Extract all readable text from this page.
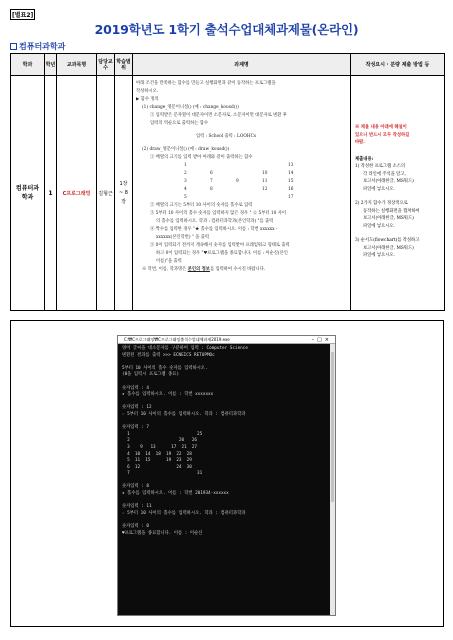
[별표2]
2019학년도 1학기 출석수업대체과제물(온라인)
컴퓨터과학과
학과	학년	교과목명	담당교수	학습범위	과제명	작성요시 · 분량 제출 방법 등
컴퓨터과학과	1	C프로그래밍	김형근	1장 ~ 8장	
아래 조건을 만족하는 함수를 만들고 실행화면과 같이 동작하는 프로그램을
작성하시오.
▶ 함수 정의
(1) change_영문이니셜() (예 : change_kousd())
① 입력받은 문자열이 대문자이면 소문자로, 소문자이면 대문자로 변환 후
입력의 역순으로 출력하는 함수
입력 : School 출력 : LOOHCs
(2) draw_영문이니셜() (예 : draw_kousd())
① 배열의 크기를 입력 받아 아래와 같이 출력하는 함수
1				13
2	6		10	14
3	7	9	11	15
4	8		12	16
5				17
② 배열의 크기는 5부터 10 사이의 숫자를 홀수로 입력
③ 5부터 10 사이의 홀수 숫자를 입력하지 않은 경우 " ☆ 5부터 10 사이
의 홀수를 입력하시오. 학과 : 컴퓨터과학과(본인학과) "를 출력
④ 짝수를 입력한 경우 "★ 홀수를 입력하시오. 이름 : 학번 xxxxxx -
xxxxxx(본인학번) " 을 출력
⑤ 0이 입력되기 전까지 계속해서 숫자를 입력받아 프레임워크 형태로 출력
하고 0이 입력되는 경우 "♥프로그램을 종료합니다. 이름 : 이순신(본인
이름)"을 출력
※ 학번, 이름, 학과명은 본인의 정보를 입력하여 수시길 바랍니다.

※ 채울 내용 아래에 해설이
있으니 반드시 모두 작성하길
바람.
제출내용:
1) 작성한 프로그램 소스의
각 라인에 주석을 달고,
보고서(아래한글, MS워드)
파일에 넣으시오.
2) 2가지 함수가 정상적으로
동작하는 실행화면을 캡쳐하여
보고서(아래한글, MS워드)
파일에 넣으시오.
3) 순서도(flowchart)를 작성하고
보고서(아래한글, MS워드)
파일에 넣으시오.
C:₩C프로그래밍₩C프로그래밍출석수업대체과제2019.exe	–□×
영어 글씨을 대소문자를 구분하여 입력 : Computer Science
변환된 결과를 출력 >>> ECNEICS RETUPMOc

5부터 10 사이의 홀수 숫자를 입력하시오.
(0을 입력시 프로그램 종료)

숫자입력 : 4
★ 홀수를 입력하시오. 이름 : 학번 xxxxxxx

숫자입력 : 12
☆ 5부터 10 사이의 홀수를 입력하시오. 학과 : 컴퓨터과학과

숫자입력 : 7
1                          25
2                   20   26
3    9   13      17  21  27
4  10  14  18  19  22  28
5  11  15      19  23  29
6  12              24  30
7                          31

숫자입력 : 8
★ 홀수를 입력하시오. 이름 : 학번 201934-xxxxxx

숫자입력 : 11
☆ 5부터 10 사이의 홀수를 입력하시오. 학과 : 컴퓨터과학과

숫자입력 : 0
♥프로그램을 종료합니다. 이름 : 이순신
